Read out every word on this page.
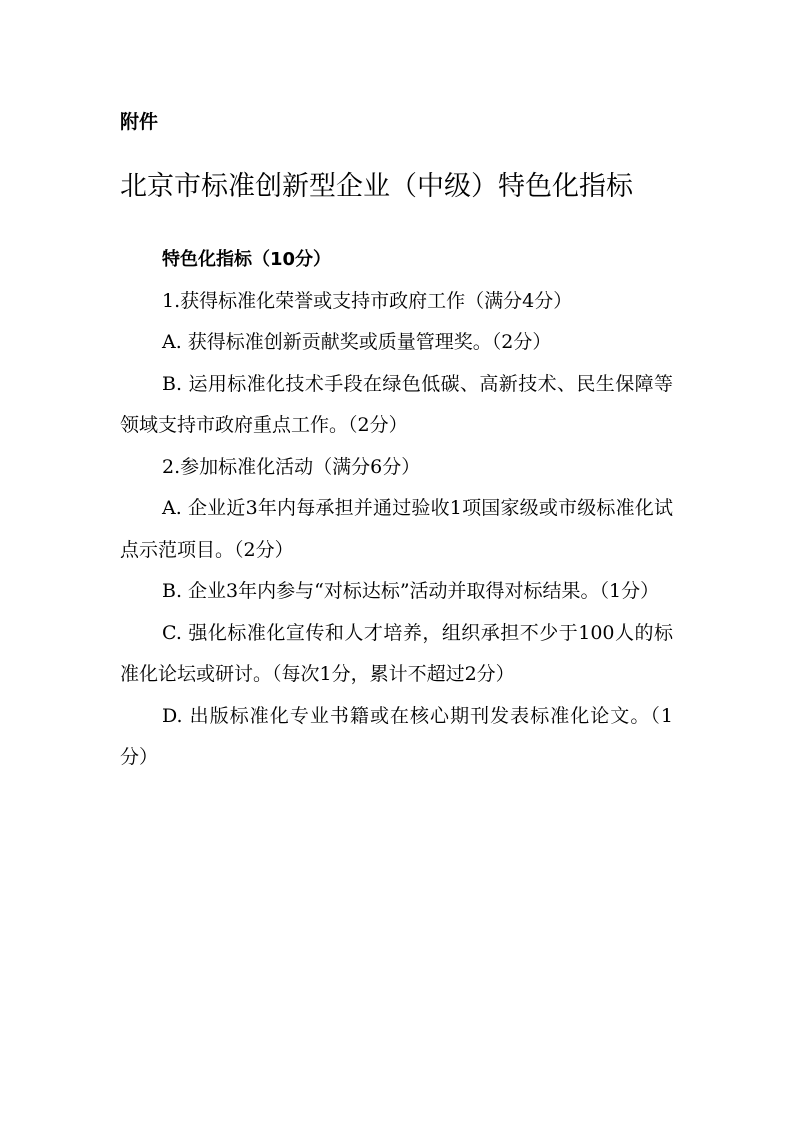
附件
北京市标准创新型企业（中级）特色化指标

特色化指标（10分）

1.获得标准化荣誉或支持市政府工作（满分4分）

A. 获得标准创新贡献奖或质量管理奖。（2分）

B. 运用标准化技术手段在绿色低碳、高新技术、民生保障等领域支持市政府重点工作。（2分）

2.参加标准化活动（满分6分）

A. 企业近3年内每承担并通过验收1项国家级或市级标准化试点示范项目。（2分）

B. 企业3年内参与“对标达标”活动并取得对标结果。（1分）

C. 强化标准化宣传和人才培养，组织承担不少于100人的标准化论坛或研讨。（每次1分，累计不超过2分）

D. 出版标准化专业书籍或在核心期刊发表标准化论文。（1分）
